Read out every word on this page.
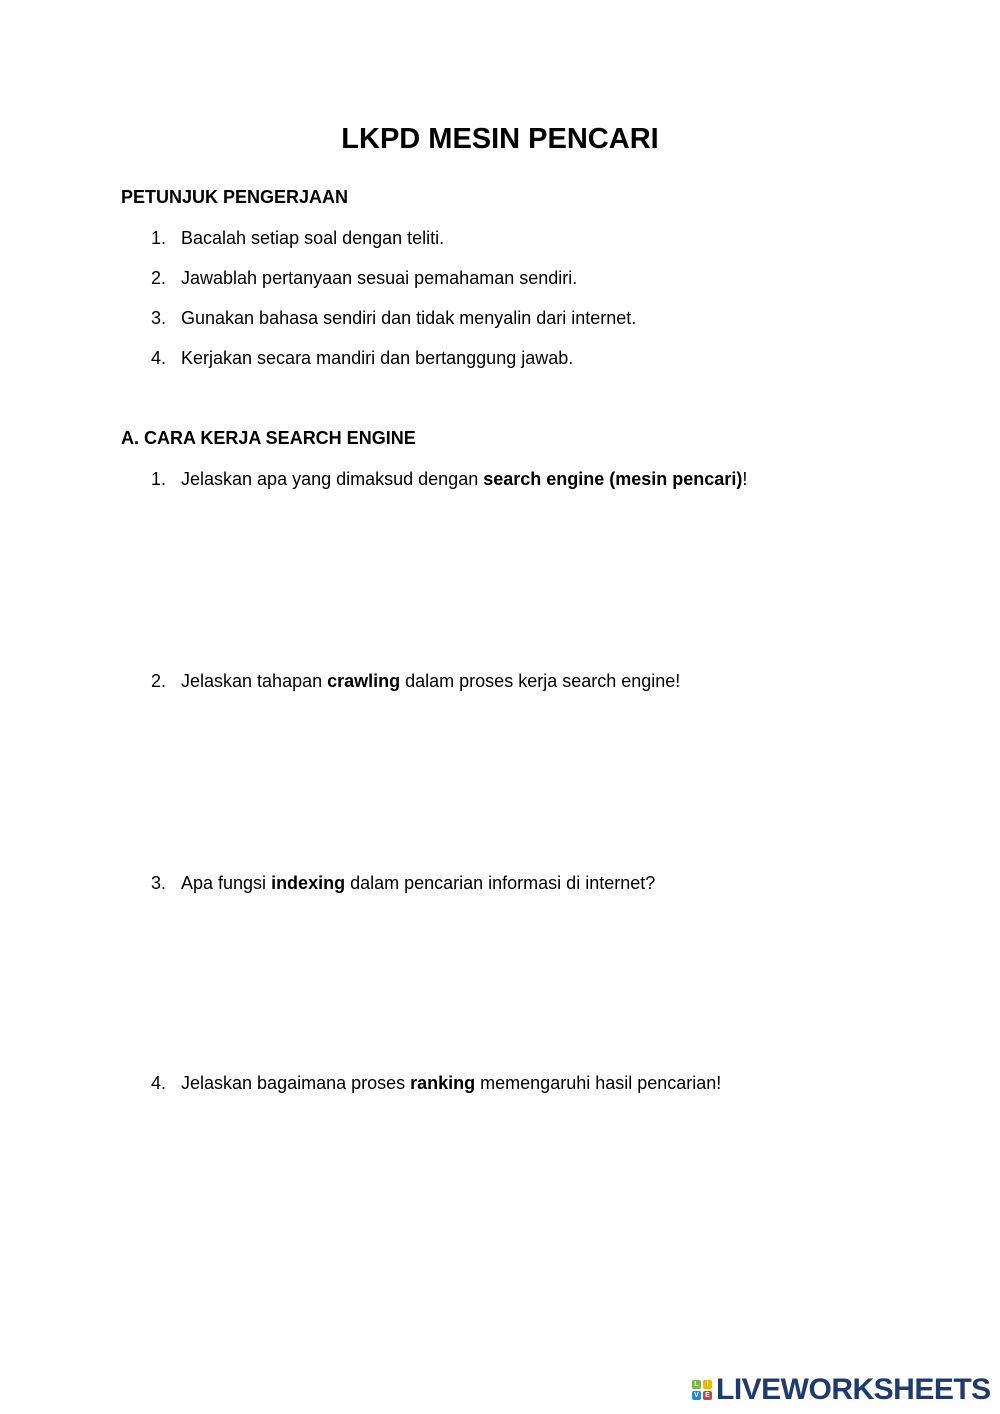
LKPD MESIN PENCARI
PETUNJUK PENGERJAAN
1. Bacalah setiap soal dengan teliti.
2. Jawablah pertanyaan sesuai pemahaman sendiri.
3. Gunakan bahasa sendiri dan tidak menyalin dari internet.
4. Kerjakan secara mandiri dan bertanggung jawab.
A. CARA KERJA SEARCH ENGINE
1. Jelaskan apa yang dimaksud dengan search engine (mesin pencari)!
2. Jelaskan tahapan crawling dalam proses kerja search engine!
3. Apa fungsi indexing dalam pencarian informasi di internet?
4. Jelaskan bagaimana proses ranking memengaruhi hasil pencarian!
L	I
V E LIVEWORKSHEETS
